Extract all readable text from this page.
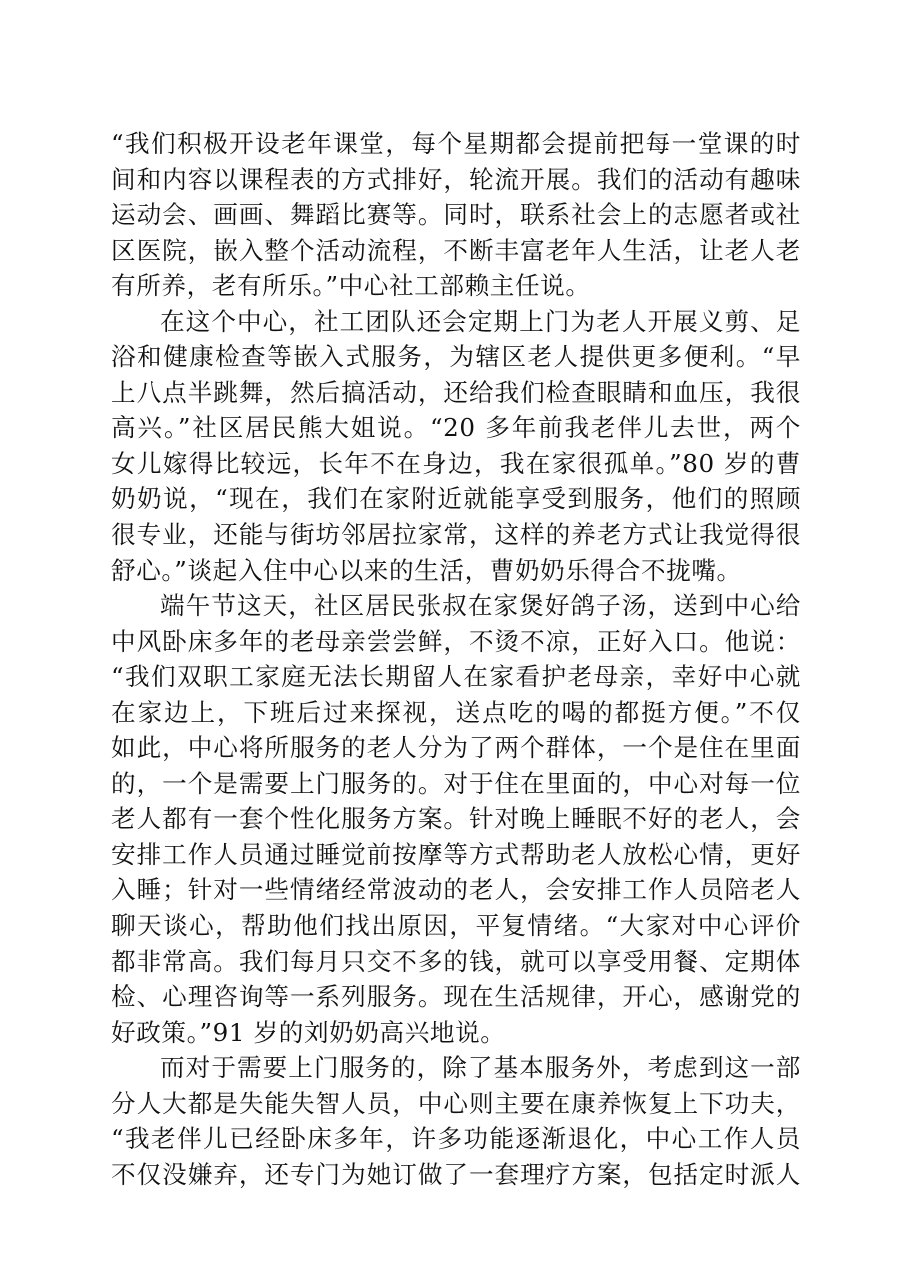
“我们积极开设老年课堂，每个星期都会提前把每一堂课的时
间和内容以课程表的方式排好，轮流开展。我们的活动有趣味
运动会、画画、舞蹈比赛等。同时，联系社会上的志愿者或社
区医院，嵌入整个活动流程，不断丰富老年人生活，让老人老
有所养，老有所乐。”中心社工部赖主任说。
在这个中心，社工团队还会定期上门为老人开展义剪、足
浴和健康检查等嵌入式服务，为辖区老人提供更多便利。“早
上八点半跳舞，然后搞活动，还给我们检查眼睛和血压，我很
高兴。”社区居民熊大姐说。“20 多年前我老伴儿去世，两个
女儿嫁得比较远，长年不在身边，我在家很孤单。”80 岁的曹
奶奶说，“现在，我们在家附近就能享受到服务，他们的照顾
很专业，还能与街坊邻居拉家常，这样的养老方式让我觉得很
舒心。”谈起入住中心以来的生活，曹奶奶乐得合不拢嘴。
端午节这天，社区居民张叔在家煲好鸽子汤，送到中心给
中风卧床多年的老母亲尝尝鲜，不烫不凉，正好入口。他说：
“我们双职工家庭无法长期留人在家看护老母亲，幸好中心就
在家边上，下班后过来探视，送点吃的喝的都挺方便。”不仅
如此，中心将所服务的老人分为了两个群体，一个是住在里面
的，一个是需要上门服务的。对于住在里面的，中心对每一位
老人都有一套个性化服务方案。针对晚上睡眠不好的老人，会
安排工作人员通过睡觉前按摩等方式帮助老人放松心情，更好
入睡；针对一些情绪经常波动的老人，会安排工作人员陪老人
聊天谈心，帮助他们找出原因，平复情绪。“大家对中心评价
都非常高。我们每月只交不多的钱，就可以享受用餐、定期体
检、心理咨询等一系列服务。现在生活规律，开心，感谢党的
好政策。”91 岁的刘奶奶高兴地说。
而对于需要上门服务的，除了基本服务外，考虑到这一部
分人大都是失能失智人员，中心则主要在康养恢复上下功夫，
“我老伴儿已经卧床多年，许多功能逐渐退化，中心工作人员
不仅没嫌弃，还专门为她订做了一套理疗方案，包括定时派人
